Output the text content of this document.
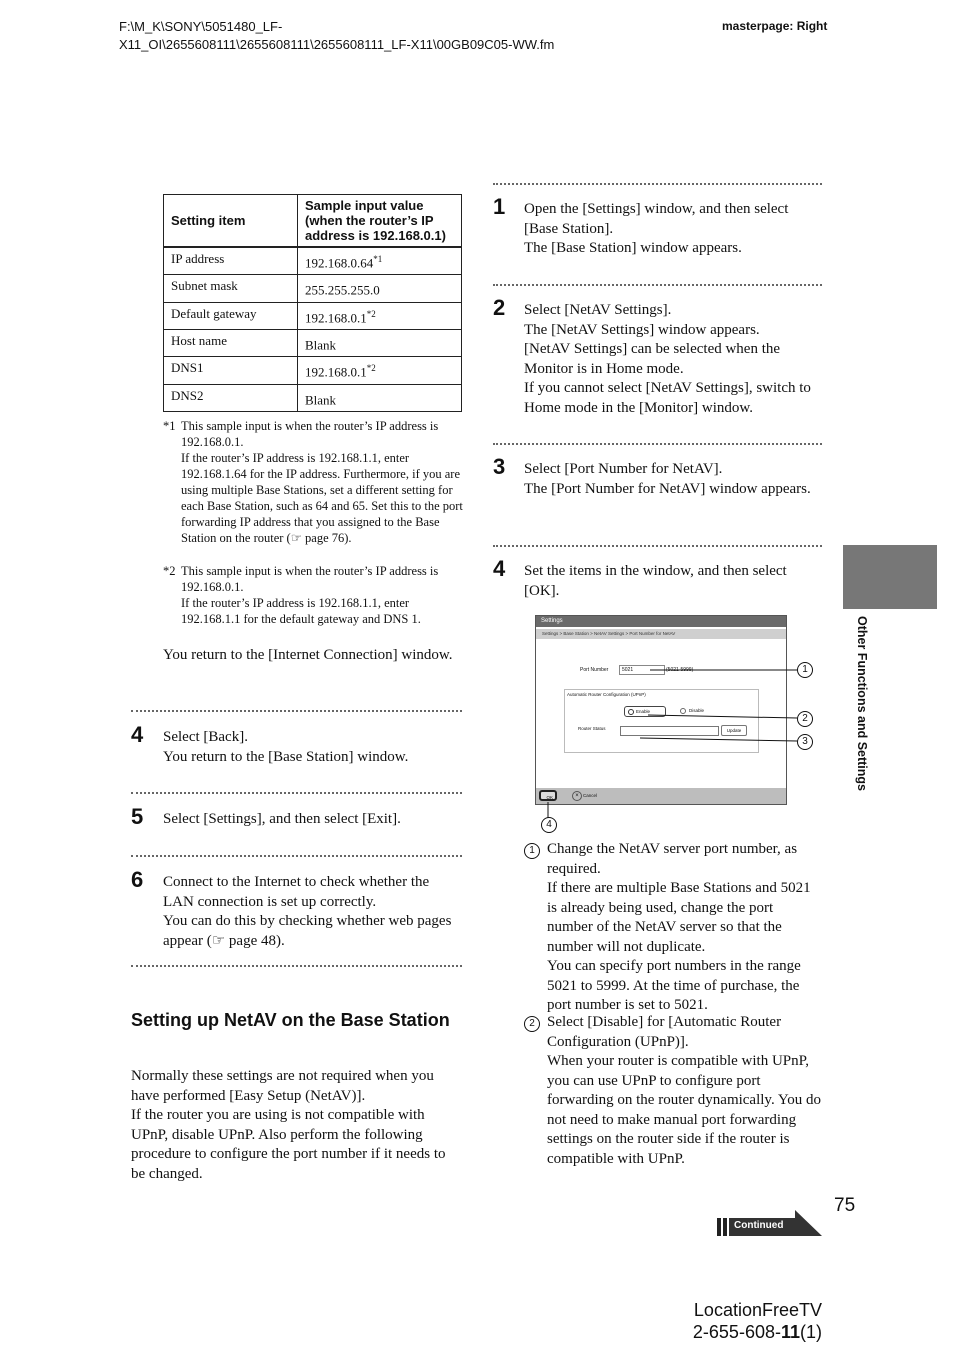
F:\M_K\SONY\5051480_LF-
X11_OI\2655608111\2655608111\2655608111_LF-X11\00GB09C05-WW.fm
masterpage: Right
Setting item	Sample input value (when the router’s IP address is 192.168.0.1)
IP address	192.168.0.64$^{*1}$
Subnet mask	255.255.255.0
Default gateway	192.168.0.1$^{*2}$
Host name	Blank
DNS1	192.168.0.1$^{*2}$
DNS2	Blank
*1 This sample input is when the router’s IP address is 192.168.0.1.
If the router’s IP address is 192.168.1.1, enter 192.168.1.64 for the IP address. Furthermore, if you are using multiple Base Stations, set a different setting for each Base Station, such as 64 and 65. Set this to the port forwarding IP address that you assigned to the Base Station on the router (☞ page 76).
*2 This sample input is when the router’s IP address is 192.168.0.1.
If the router’s IP address is 192.168.1.1, enter 192.168.1.1 for the default gateway and DNS 1.
You return to the [Internet Connection] window.
4 Select [Back].
You return to the [Base Station] window.
5 Select [Settings], and then select [Exit].
6 Connect to the Internet to check whether the LAN connection is set up correctly.
You can do this by checking whether web pages appear (☞ page 48).
Setting up NetAV on the Base Station
Normally these settings are not required when you have performed [Easy Setup (NetAV)].
If the router you are using is not compatible with UPnP, disable UPnP. Also perform the following procedure to configure the port number if it needs to be changed.
1 Open the [Settings] window, and then select [Base Station].
The [Base Station] window appears.
2 Select [NetAV Settings].
The [NetAV Settings] window appears.
[NetAV Settings] can be selected when the Monitor is in Home mode.
If you cannot select [NetAV Settings], switch to Home mode in the [Monitor] window.
3 Select [Port Number for NetAV].
The [Port Number for NetAV] window appears.
4 Set the items in the window, and then select [OK].
Settings
Settings > Base Station > NetAV Settings > Port Number for NetAV
Port Number	5021	(5021-5999)
Automatic Router Configuration (UPnP)
Enable	Disable
Router Status	Update
OK	× Cancel
1
2
3
4
1 Change the NetAV server port number, as required.
If there are multiple Base Stations and 5021 is already being used, change the port number of the NetAV server so that the number will not duplicate.
You can specify port numbers in the range 5021 to 5999. At the time of purchase, the port number is set to 5021.
2 Select [Disable] for [Automatic Router Configuration (UPnP)].
When your router is compatible with UPnP, you can use UPnP to configure port forwarding on the router dynamically. You do not need to make manual port forwarding settings on the router side if the router is compatible with UPnP.
Other Functions and Settings
75
Continued
LocationFreeTV
2-655-608-11(1)
